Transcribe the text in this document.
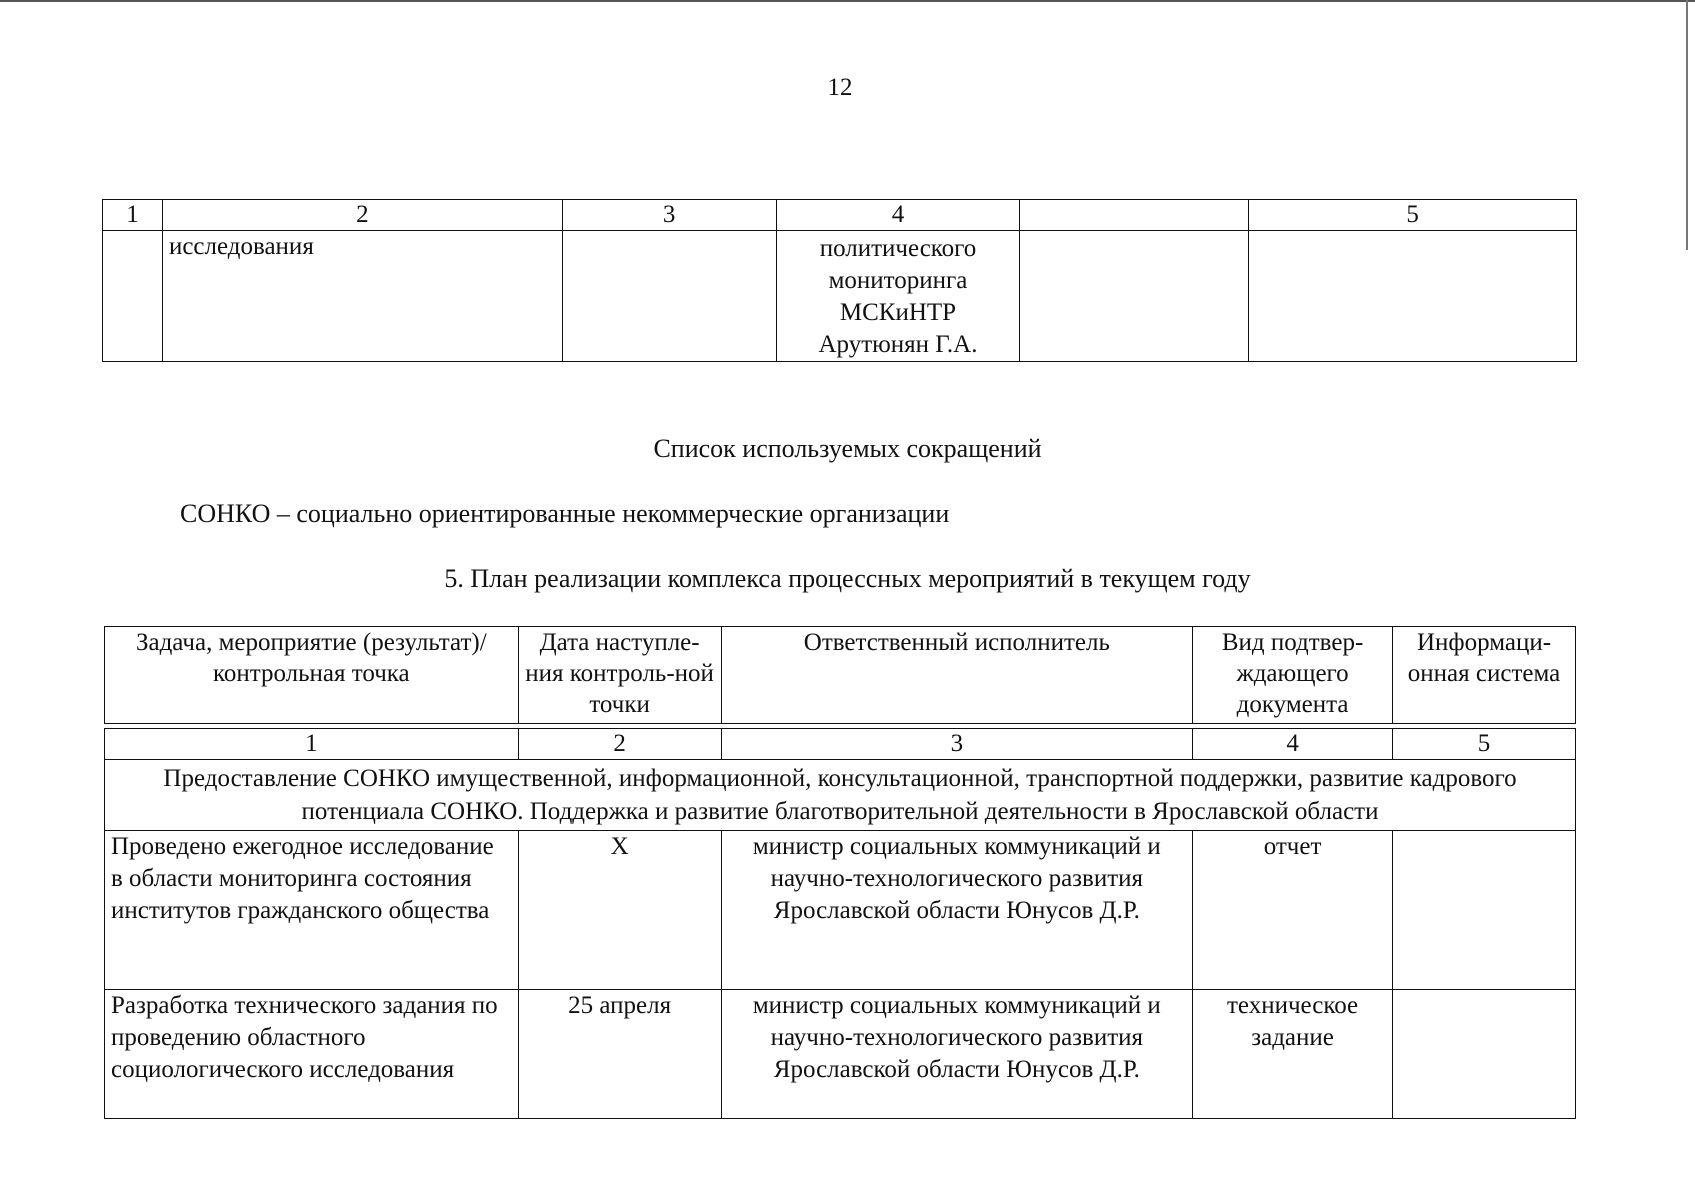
12
1	2	3	4		5
	исследования		политического мониторинга МСКиНТР Арутюнян Г.А.		
Список используемых сокращений
СОНКО – социально ориентированные некоммерческие организации
5. План реализации комплекса процессных мероприятий в текущем году
Задача, мероприятие (результат)/ контрольная точка	Дата наступле-ния контроль-ной точки	Ответственный исполнитель	Вид подтвер-ждающего документа	Информаци-онная система

1	2	3	4	5
Предоставление СОНКО имущественной, информационной, консультационной, транспортной поддержки, развитие кадрового потенциала СОНКО. Поддержка и развитие благотворительной деятельности в Ярославской области				
Проведено ежегодное исследование в области мониторинга состояния институтов гражданского общества	Х	министр социальных коммуникаций и научно-технологического развития Ярославской области Юнусов Д.Р.	отчет	
Разработка технического задания по проведению областного социологического исследования	25 апреля	министр социальных коммуникаций и научно-технологического развития Ярославской области Юнусов Д.Р.	техническое задание	
